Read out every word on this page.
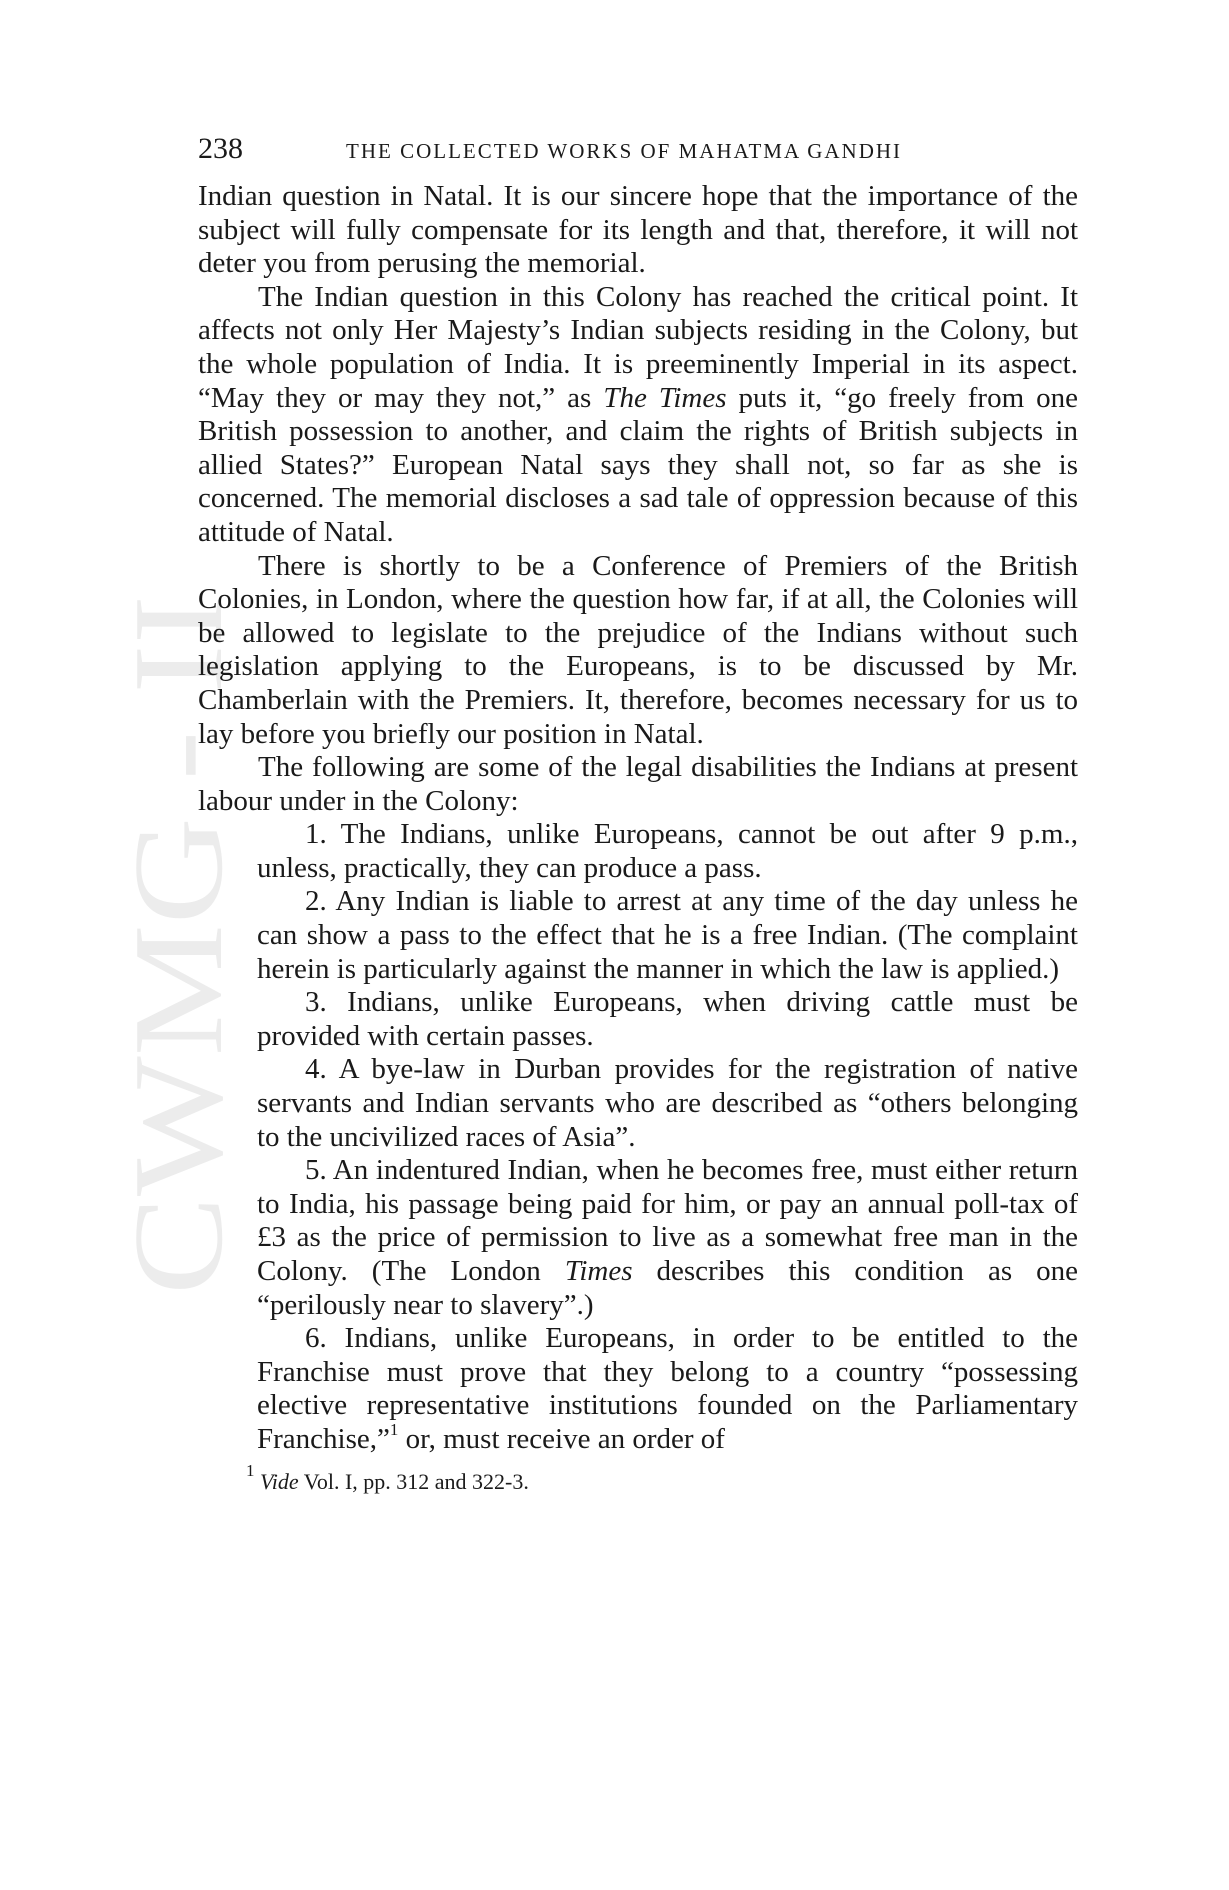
CWMG - II
238	THE COLLECTED WORKS OF MAHATMA GANDHI

Indian question in Natal. It is our sincere hope that the importance of the subject will fully compensate for its length and that, therefore, it will not deter you from perusing the memorial.

The Indian question in this Colony has reached the critical point. It affects not only Her Majesty’s Indian subjects residing in the Colony, but the whole population of India. It is preeminently Imperial in its aspect. “May they or may they not,” as The Times puts it, “go freely from one British possession to another, and claim the rights of British subjects in allied States?” European Natal says they shall not, so far as she is concerned. The memorial discloses a sad tale of oppression because of this attitude of Natal.

There is shortly to be a Conference of Premiers of the British Colonies, in London, where the question how far, if at all, the Colonies will be allowed to legislate to the prejudice of the Indians without such legislation applying to the Europeans, is to be discussed by Mr. Chamberlain with the Premiers. It, therefore, becomes necessary for us to lay before you briefly our position in Natal.

The following are some of the legal disabilities the Indians at present labour under in the Colony:

1. The Indians, unlike Europeans, cannot be out after 9 p.m., unless, practically, they can produce a pass.

2. Any Indian is liable to arrest at any time of the day unless he can show a pass to the effect that he is a free Indian. (The complaint herein is particularly against the manner in which the law is applied.)

3. Indians, unlike Europeans, when driving cattle must be provided with certain passes.

4. A bye-law in Durban provides for the registration of native servants and Indian servants who are described as “others belonging to the uncivilized races of Asia”.

5. An indentured Indian, when he becomes free, must either return to India, his passage being paid for him, or pay an annual poll-tax of £3 as the price of permission to live as a somewhat free man in the Colony. (The London Times describes this condition as one “perilously near to slavery”.)

6. Indians, unlike Europeans, in order to be entitled to the Franchise must prove that they belong to a country “possessing elective representative institutions founded on the Parliamentary Franchise,”$^1$ or, must receive an order of

$^1$ Vide Vol. I, pp. 312 and 322-3.
